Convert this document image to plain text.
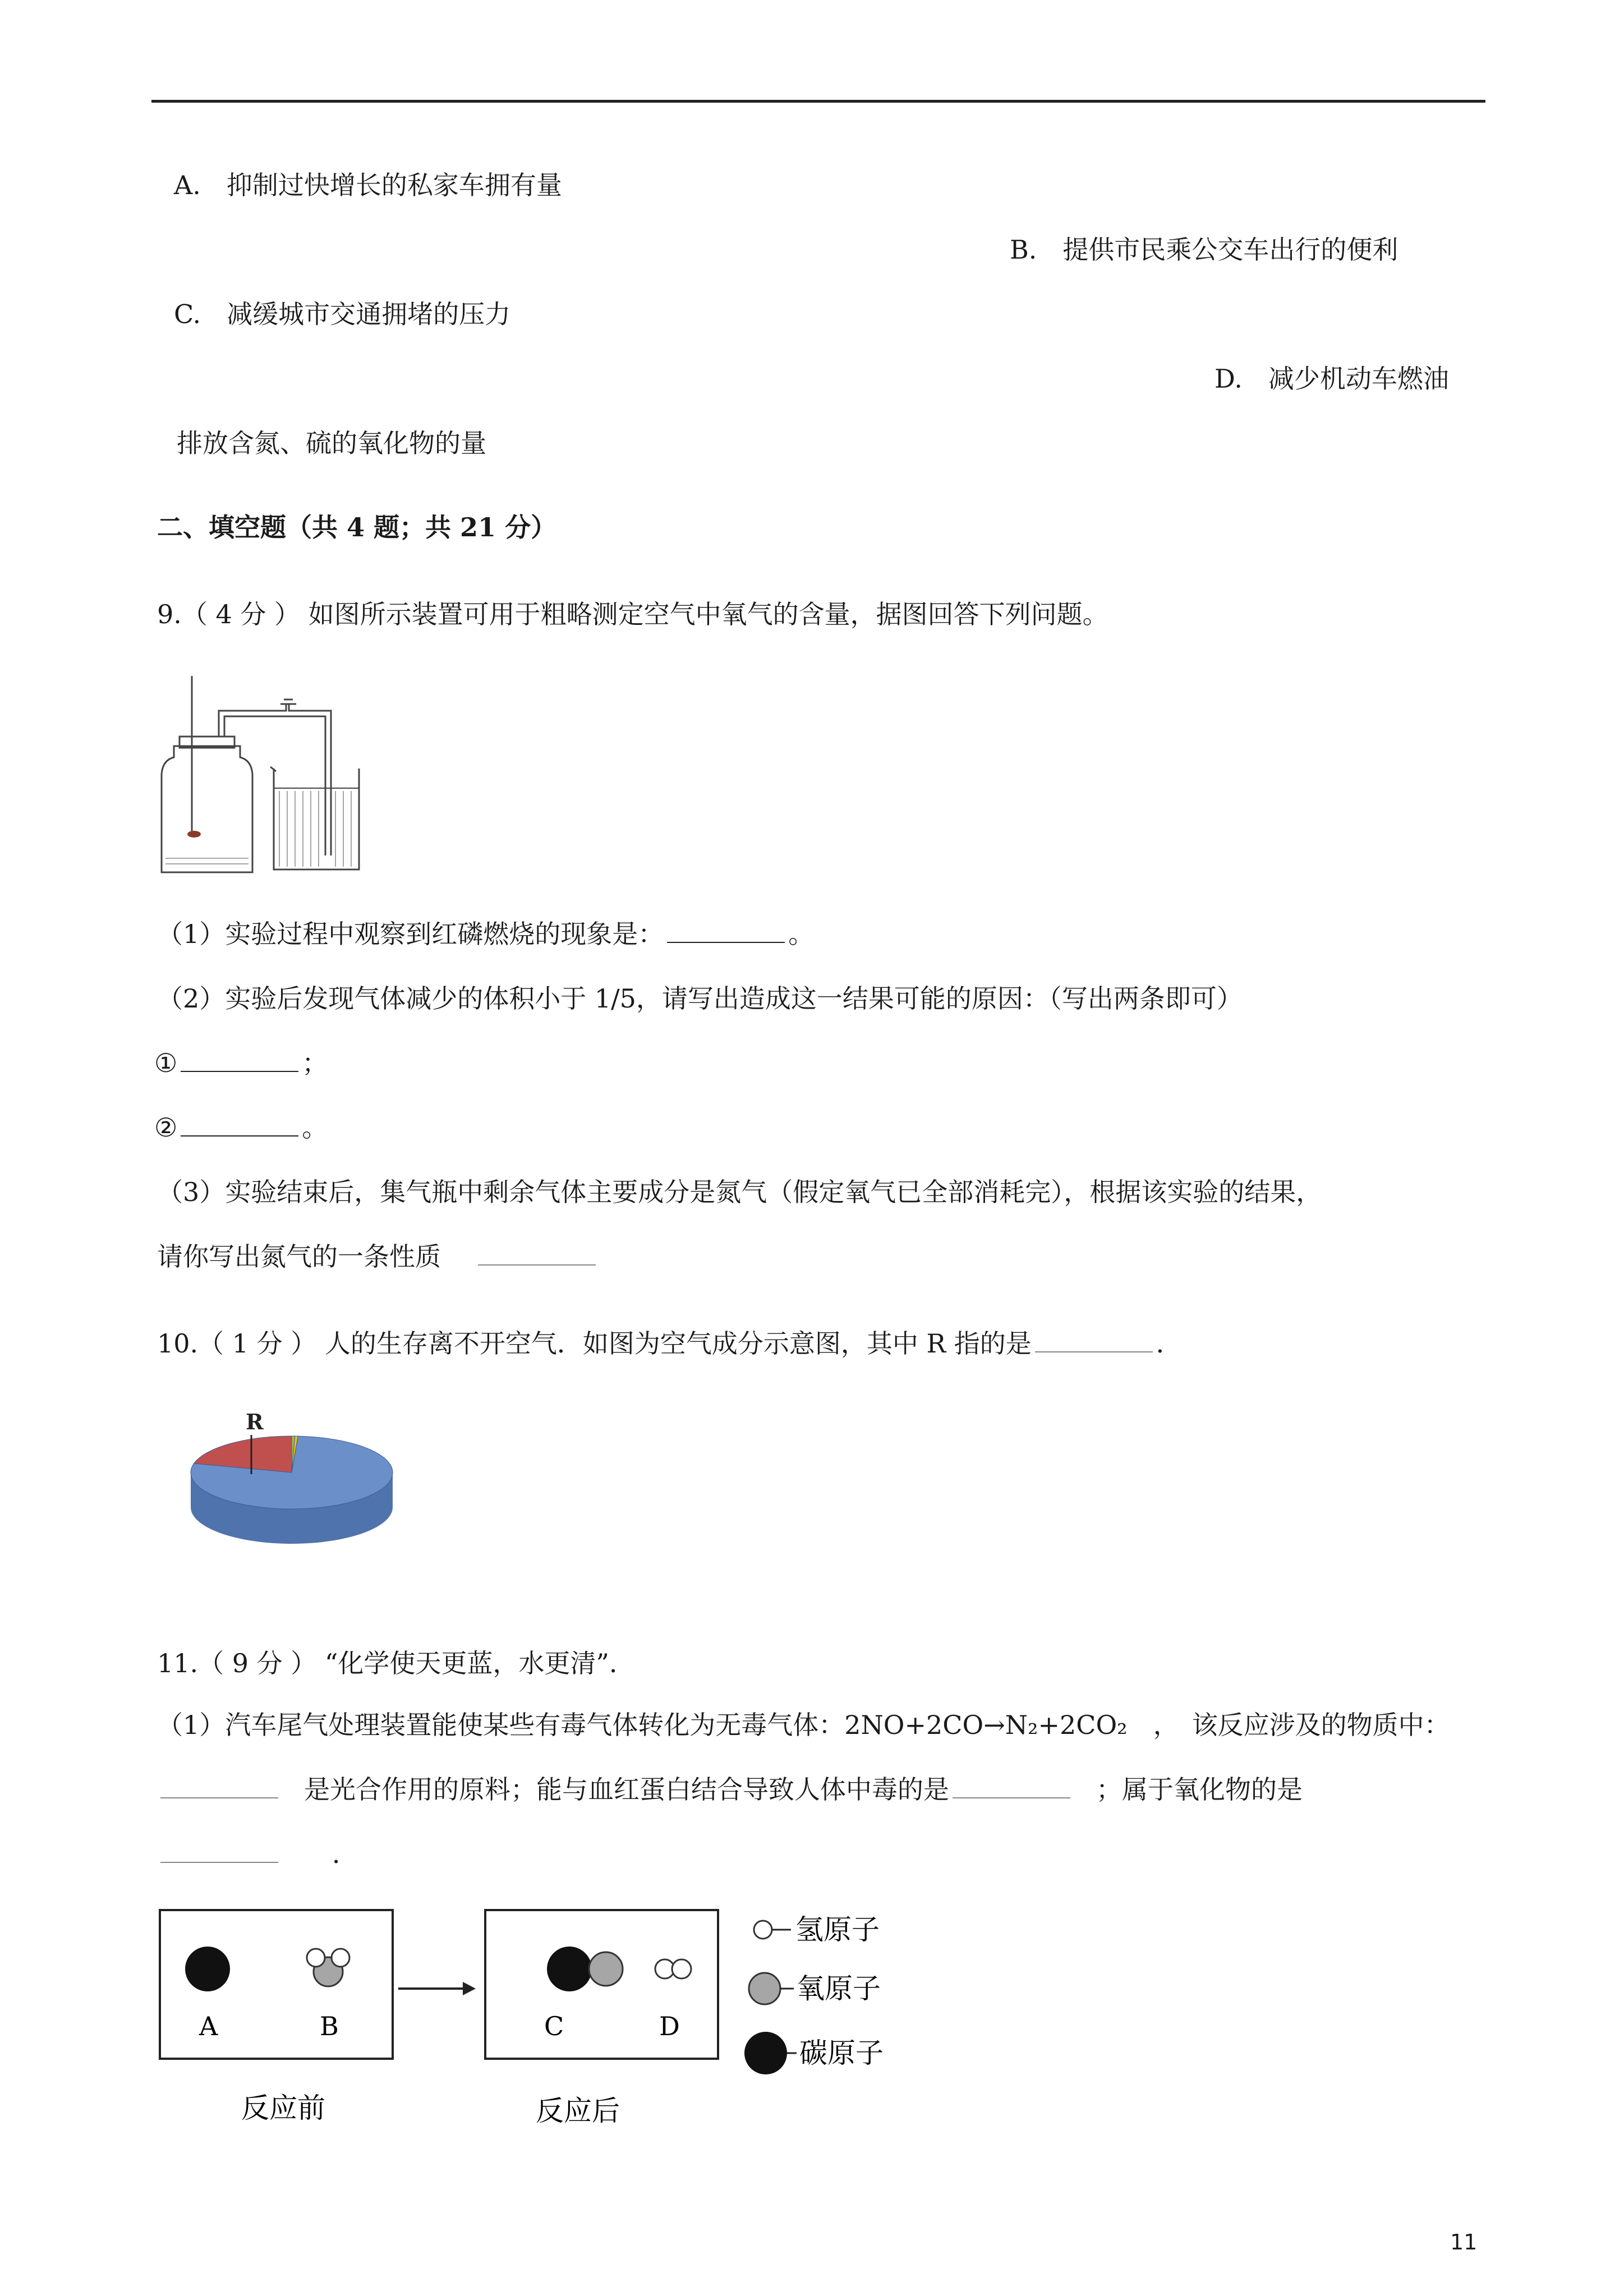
A.　抑制过快增长的私家车拥有量
B.　提供市民乘公交车出行的便利
C.　减缓城市交通拥堵的压力
D.　减少机动车燃油
排放含氮、硫的氧化物的量
二、填空题（共 4 题；共 21 分）
9.（ 4 分 ） 如图所示装置可用于粗略测定空气中氧气的含量，据图回答下列问题。
（1）实验过程中观察到红磷燃烧的现象是：	。
（2）实验后发现气体减少的体积小于 1/5，请写出造成这一结果可能的原因：（写出两条即可）
①	；
②	。
（3）实验结束后，集气瓶中剩余气体主要成分是氮气（假定氧气已全部消耗完），根据该实验的结果，
请你写出氮气的一条性质
10.（ 1 分 ） 人的生存离不开空气．如图为空气成分示意图，其中 R 指的是	．
R
11.（ 9 分 ） “化学使天更蓝，水更清”．
（1）汽车尾气处理装置能使某些有毒气体转化为无毒气体：2NO+2CO→N₂+2CO₂　，　该反应涉及的物质中：
是光合作用的原料；能与血红蛋白结合导致人体中毒的是	；属于氧化物的是
．
A	B	C	D
反应前	反应后
氢原子
氧原子
碳原子
11
